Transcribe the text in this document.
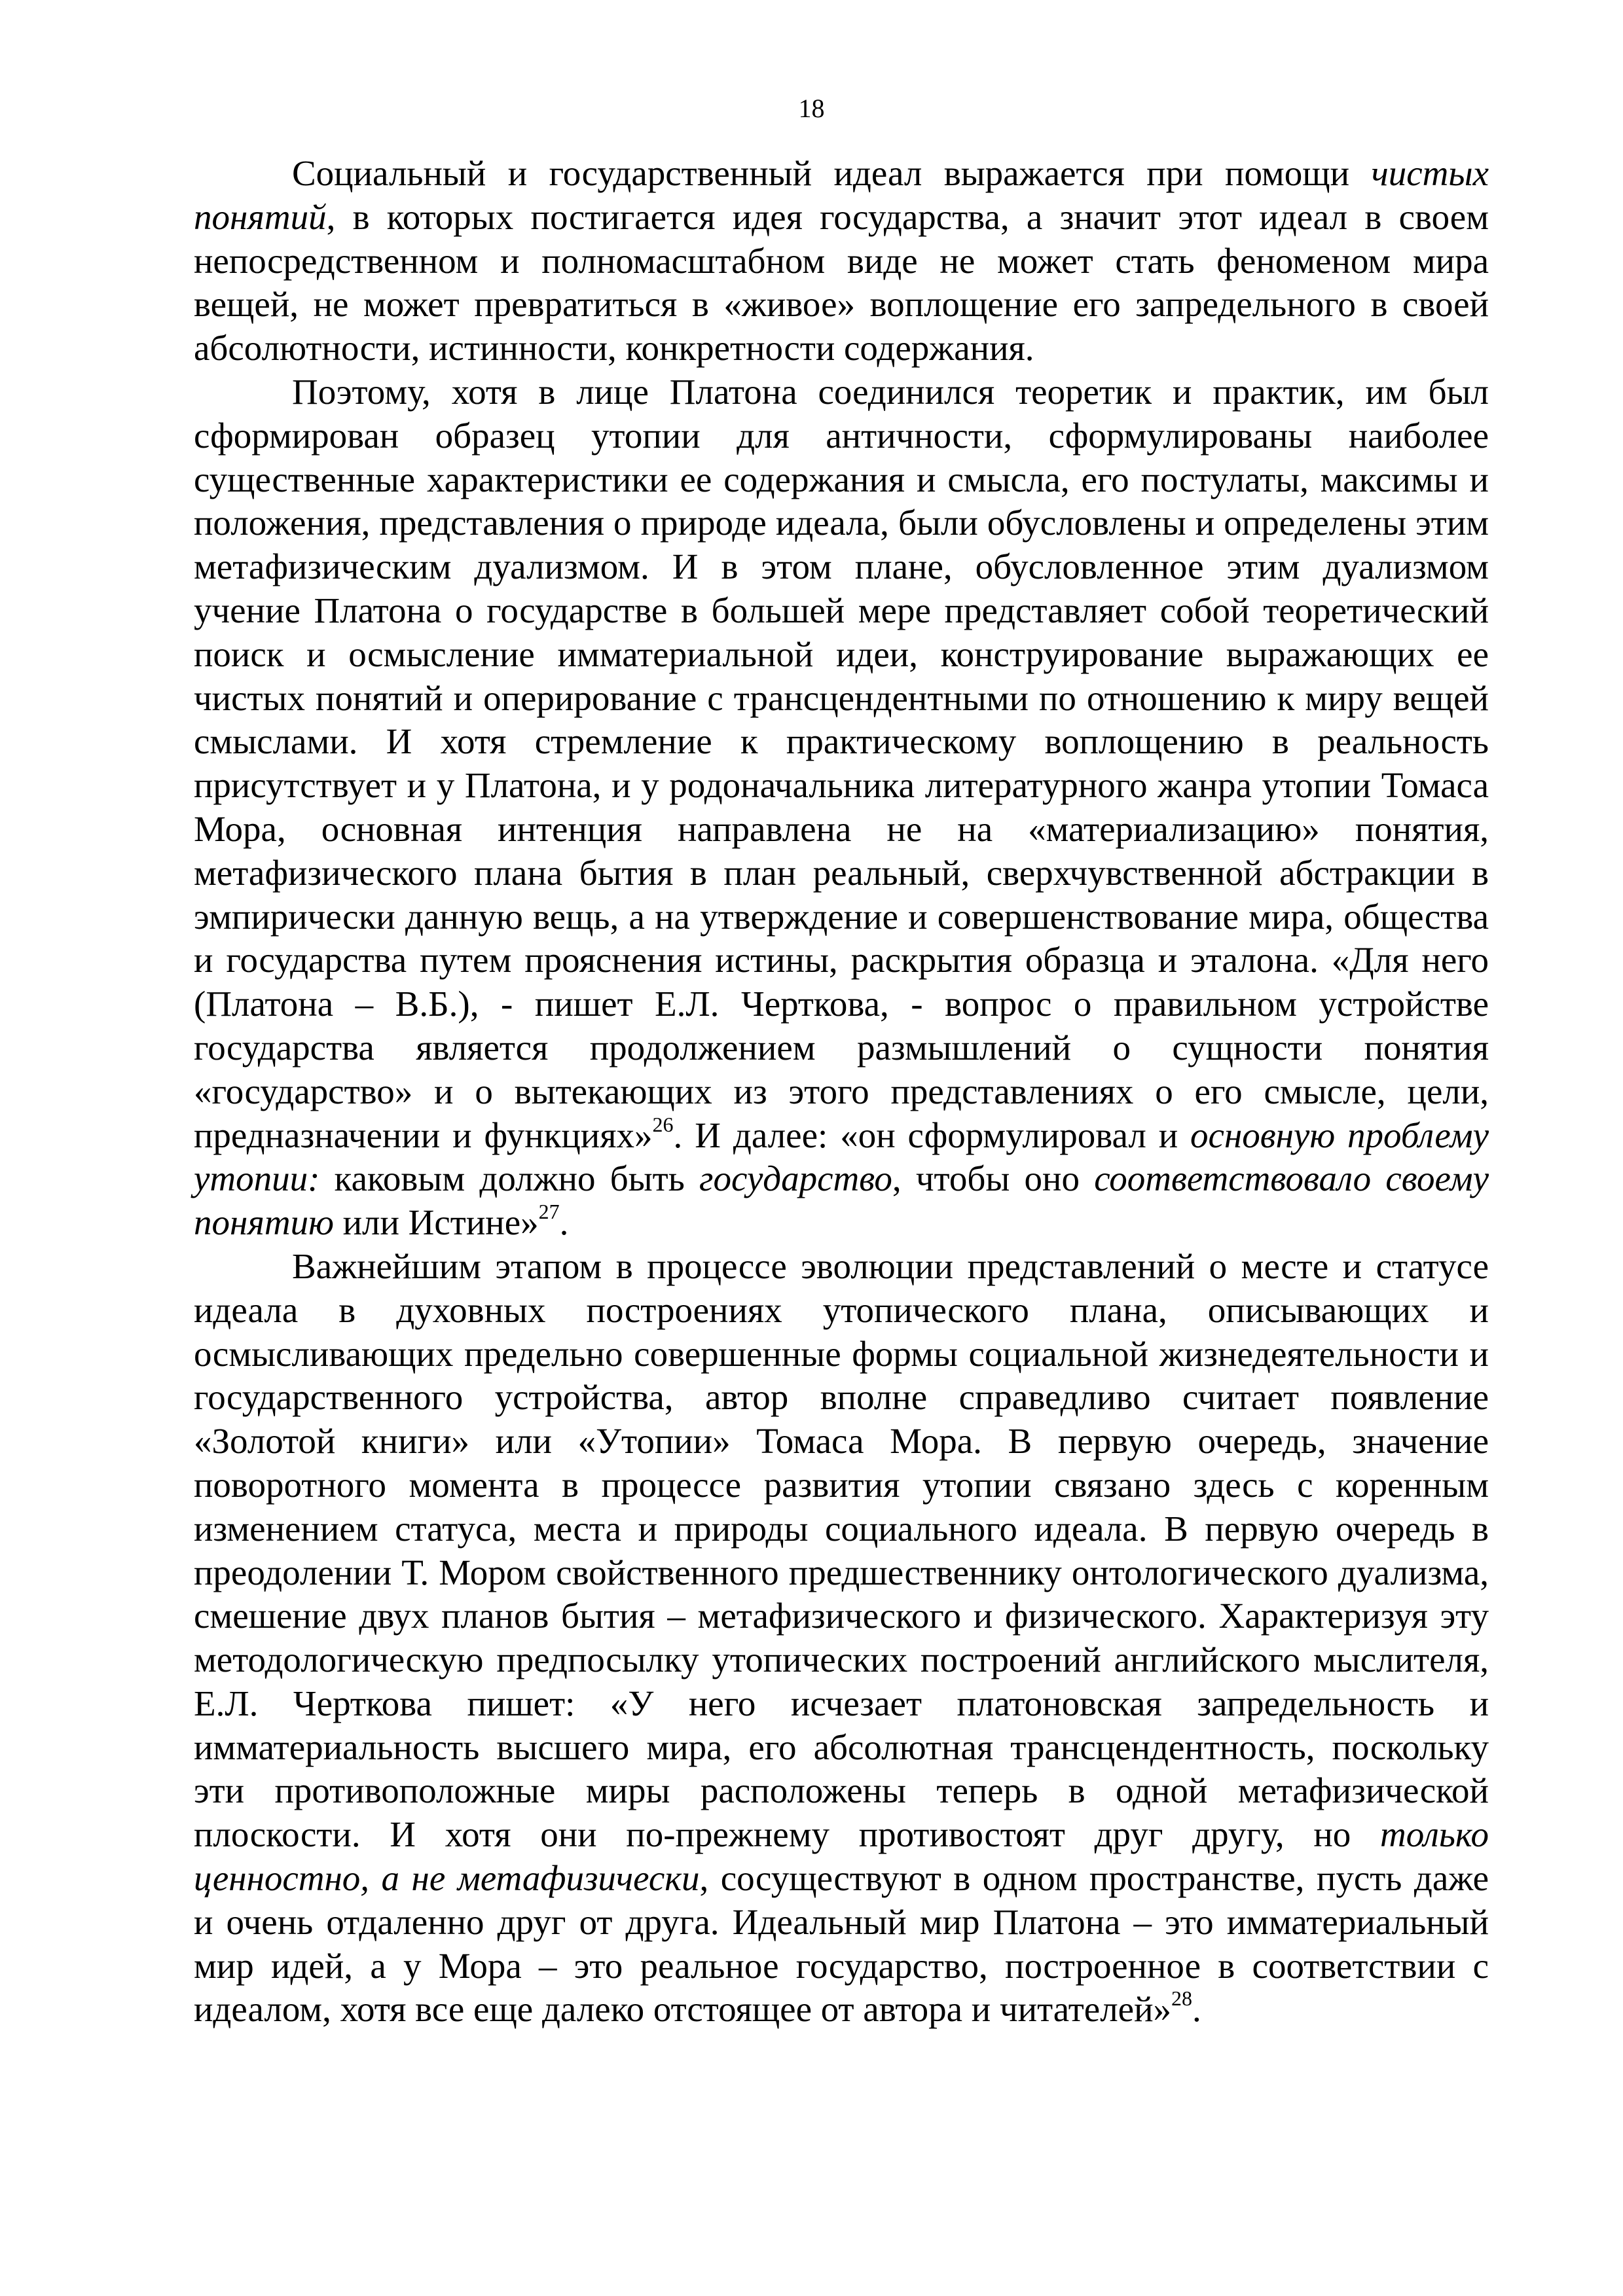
18

Социальный и государственный идеал выражается при помощи чистых понятий, в которых постигается идея государства, а значит этот идеал в своем непосредственном и полномасштабном виде не может стать феноменом мира вещей, не может превратиться в «живое» воплощение его запредельного в своей абсолютности, истинности, конкретности содержания.

Поэтому, хотя в лице Платона соединился теоретик и практик, им был сформирован образец утопии для античности, сформулированы наиболее существенные характеристики ее содержания и смысла, его постулаты, максимы и положения, представления о природе идеала, были обусловлены и определены этим метафизическим дуализмом. И в этом плане, обусловленное этим дуализмом учение Платона о государстве в большей мере представляет собой теоретический поиск и осмысление имматериальной идеи, конструирование выражающих ее чистых понятий и оперирование с трансцендентными по отношению к миру вещей смыслами. И хотя стремление к практическому воплощению в реальность присутствует и у Платона, и у родоначальника литературного жанра утопии Томаса Мора, основная интенция направлена не на «материализацию» понятия, метафизического плана бытия в план реальный, сверхчувственной абстракции в эмпирически данную вещь, а на утверждение и совершенствование мира, общества и государства путем прояснения истины, раскрытия образца и эталона. «Для него (Платона – В.Б.), - пишет Е.Л. Черткова, - вопрос о правильном устройстве государства является продолжением размышлений о сущности понятия «государство» и о вытекающих из этого представлениях о его смысле, цели, предназначении и функциях»$^{26}$. И далее: «он сформулировал и основную проблему утопии: каковым должно быть государство, чтобы оно соответствовало своему понятию или Истине»$^{27}$.

Важнейшим этапом в процессе эволюции представлений о месте и статусе идеала в духовных построениях утопического плана, описывающих и осмысливающих предельно совершенные формы социальной жизнедеятельности и государственного устройства, автор вполне справедливо считает появление «Золотой книги» или «Утопии» Томаса Мора. В первую очередь, значение поворотного момента в процессе развития утопии связано здесь с коренным изменением статуса, места и природы социального идеала. В первую очередь в преодолении Т. Мором свойственного предшественнику онтологического дуализма, смешение двух планов бытия – метафизического и физического. Характеризуя эту методологическую предпосылку утопических построений английского мыслителя, Е.Л. Черткова пишет: «У него исчезает платоновская запредельность и имматериальность высшего мира, его абсолютная трансцендентность, поскольку эти противоположные миры расположены теперь в одной метафизической плоскости. И хотя они по-прежнему противостоят друг другу, но только ценностно, а не метафизически, сосуществуют в одном пространстве, пусть даже и очень отдаленно друг от друга. Идеальный мир Платона – это имматериальный мир идей, а у Мора – это реальное государство, построенное в соответствии с идеалом, хотя все еще далеко отстоящее от автора и читателей»$^{28}$.
